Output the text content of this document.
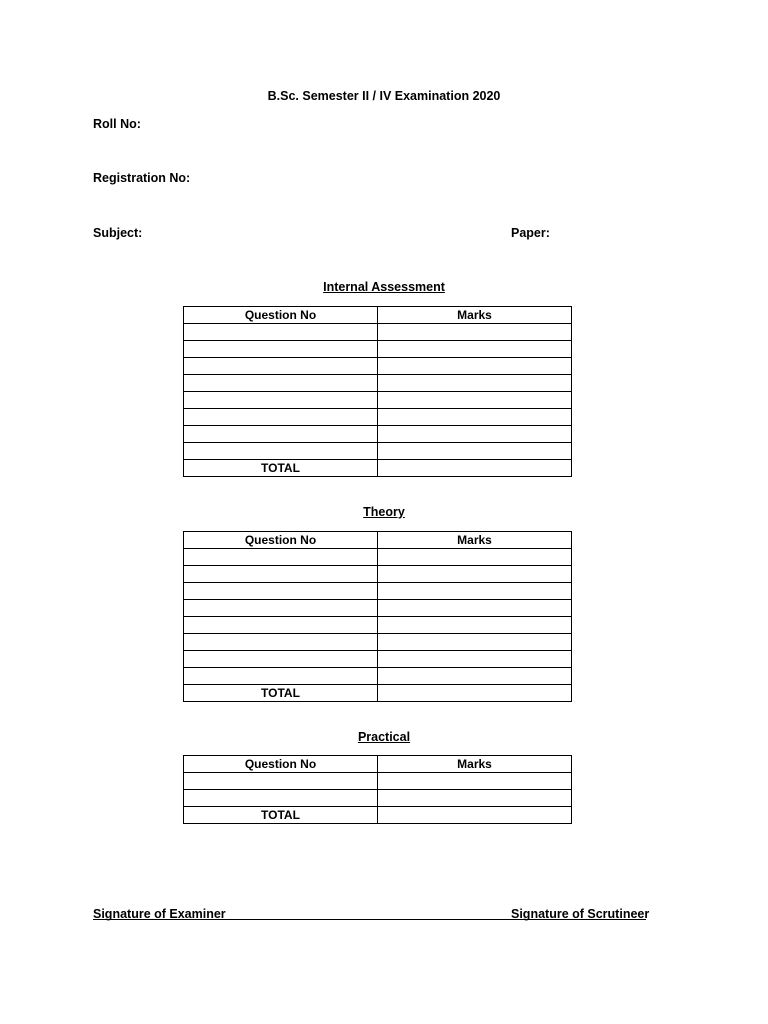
B.Sc. Semester II / IV Examination 2020
Roll No:
Registration No:
Subject:	Paper:
Internal Assessment
Question No	Marks

TOTAL	
Theory
Question No	Marks

TOTAL	
Practical
Question No	Marks

TOTAL	
Signature of Examiner	Signature of Scrutineer
